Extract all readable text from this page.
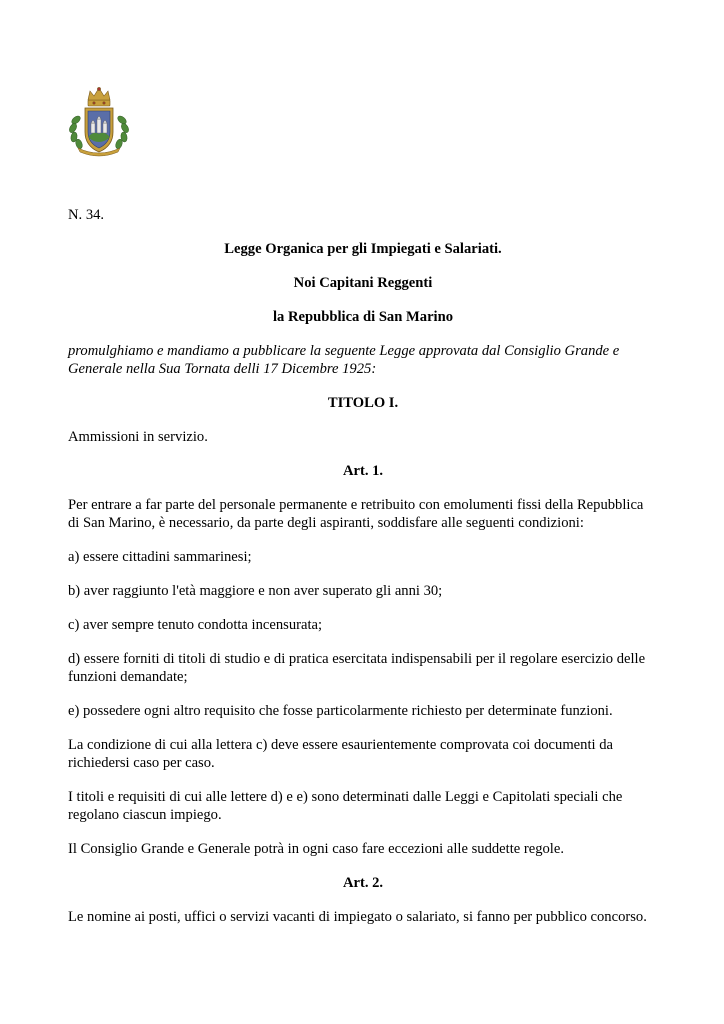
N. 34.

Legge Organica per gli Impiegati e Salariati.

Noi Capitani Reggenti

la Repubblica di San Marino

promulghiamo e mandiamo a pubblicare la seguente Legge approvata dal Consiglio Grande e Generale nella Sua Tornata delli 17 Dicembre 1925:

TITOLO I.

Ammissioni in servizio.

Art. 1.

Per entrare a far parte del personale permanente e retribuito con emolumenti fissi della Repubblica di San Marino, è necessario, da parte degli aspiranti, soddisfare alle seguenti condizioni:

a) essere cittadini sammarinesi;

b) aver raggiunto l'età maggiore e non aver superato gli anni 30;

c) aver sempre tenuto condotta incensurata;

d) essere forniti di titoli di studio e di pratica esercitata indispensabili per il regolare esercizio delle funzioni demandate;

e) possedere ogni altro requisito che fosse particolarmente richiesto per determinate funzioni.

La condizione di cui alla lettera c) deve essere esaurientemente comprovata coi documenti da richiedersi caso per caso.

I titoli e requisiti di cui alle lettere d) e e) sono determinati dalle Leggi e Capitolati speciali che regolano ciascun impiego.

Il Consiglio Grande e Generale potrà in ogni caso fare eccezioni alle suddette regole.

Art. 2.

Le nomine ai posti, uffici o servizi vacanti di impiegato o salariato, si fanno per pubblico concorso.
